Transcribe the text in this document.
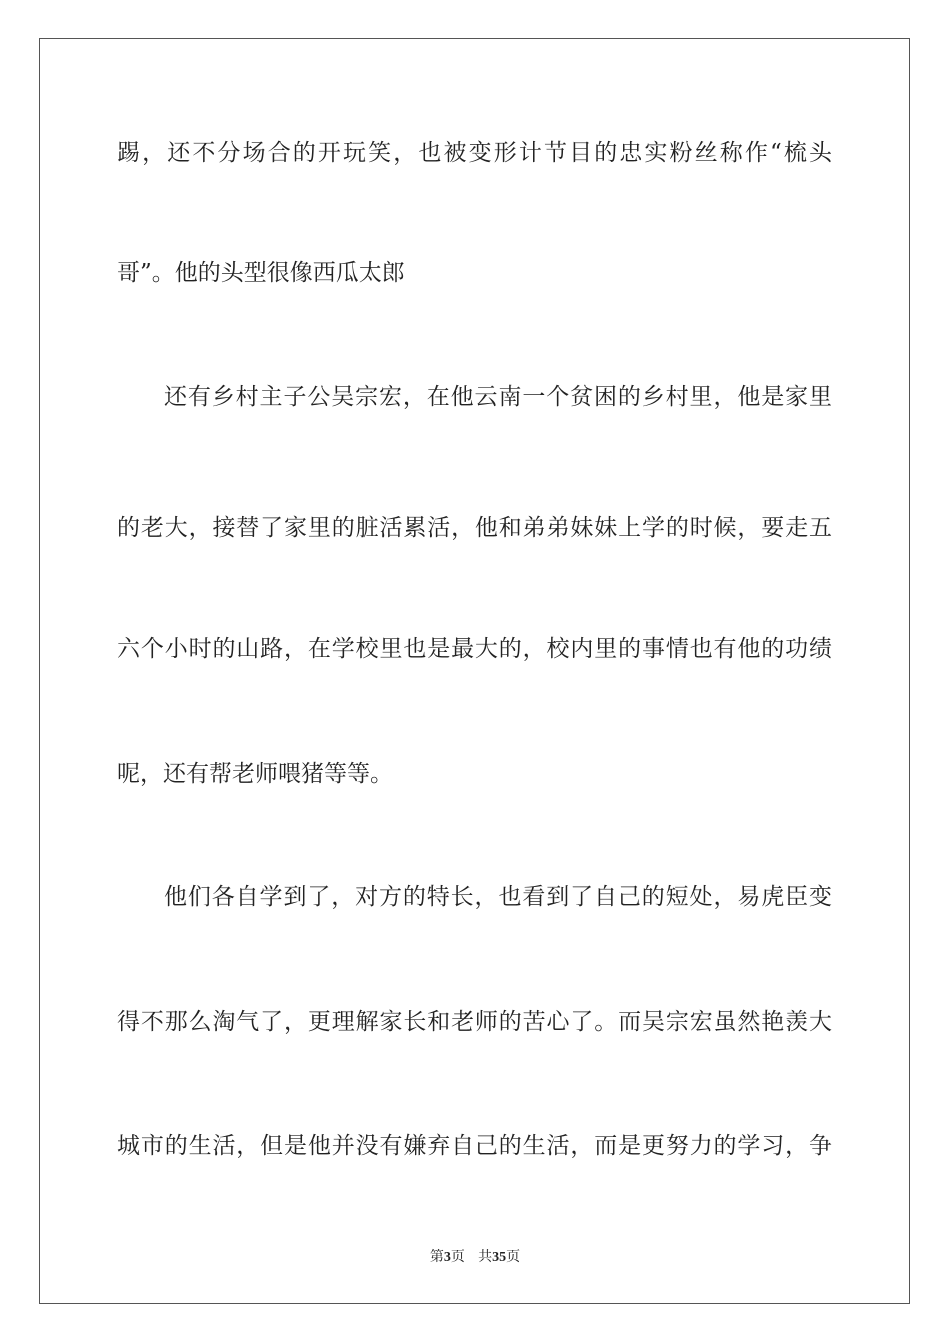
踢，还不分场合的开玩笑，也被变形计节目的忠实粉丝称作“梳头
哥”。他的头型很像西瓜太郎
还有乡村主子公吴宗宏，在他云南一个贫困的乡村里，他是家里
的老大，接替了家里的脏活累活，他和弟弟妹妹上学的时候，要走五
六个小时的山路，在学校里也是最大的，校内里的事情也有他的功绩
呢，还有帮老师喂猪等等。
他们各自学到了，对方的特长，也看到了自己的短处，易虎臣变
得不那么淘气了，更理解家长和老师的苦心了。而吴宗宏虽然艳羡大
城市的生活，但是他并没有嫌弃自己的生活，而是更努力的学习，争
第3页 共35页
